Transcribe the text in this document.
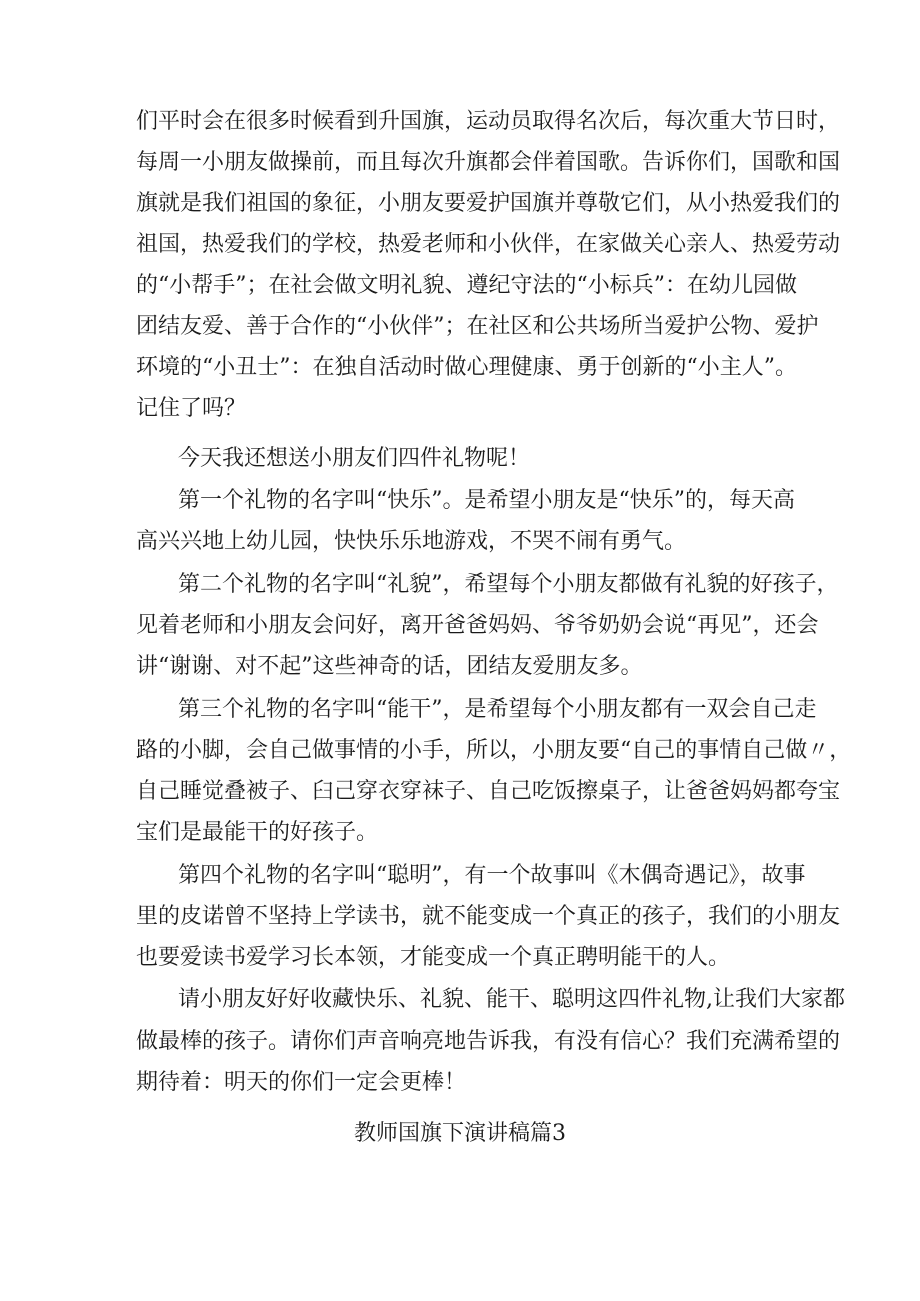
们平时会在很多时候看到升国旗，运动员取得名次后，每次重大节日时，
每周一小朋友做操前，而且每次升旗都会伴着国歌。告诉你们，国歌和国
旗就是我们祖国的象征，小朋友要爱护国旗并尊敬它们，从小热爱我们的
祖国，热爱我们的学校，热爱老师和小伙伴，在家做关心亲人、热爱劳动
的“小帮手”；在社会做文明礼貌、遵纪守法的“小标兵”：在幼儿园做
团结友爱、善于合作的“小伙伴”；在社区和公共场所当爱护公物、爱护
环境的“小丑士”：在独自活动时做心理健康、勇于创新的“小主人”。
记住了吗？
今天我还想送小朋友们四件礼物呢！
第一个礼物的名字叫“快乐”。是希望小朋友是“快乐”的，每天高
高兴兴地上幼儿园，快快乐乐地游戏，不哭不闹有勇气。
第二个礼物的名字叫“礼貌”，希望每个小朋友都做有礼貌的好孩子，
见着老师和小朋友会问好，离开爸爸妈妈、爷爷奶奶会说“再见”，还会
讲“谢谢、对不起”这些神奇的话，团结友爱朋友多。
第三个礼物的名字叫“能干”，是希望每个小朋友都有一双会自己走
路的小脚，会自己做事情的小手，所以，小朋友要“自己的事情自己做〃，
自己睡觉叠被子、臼己穿衣穿袜子、自己吃饭擦桌子，让爸爸妈妈都夸宝
宝们是最能干的好孩子。
第四个礼物的名字叫“聪明”，有一个故事叫《木偶奇遇记》，故事
里的皮诺曾不坚持上学读书，就不能变成一个真正的孩子，我们的小朋友
也要爱读书爱学习长本领，才能变成一个真正聘明能干的人。
请小朋友好好收藏快乐、礼貌、能干、聪明这四件礼物,让我们大家都
做最棒的孩子。请你们声音响亮地告诉我，有没有信心？我们充满希望的
期待着：明天的你们一定会更棒！
教师国旗下演讲稿篇3
